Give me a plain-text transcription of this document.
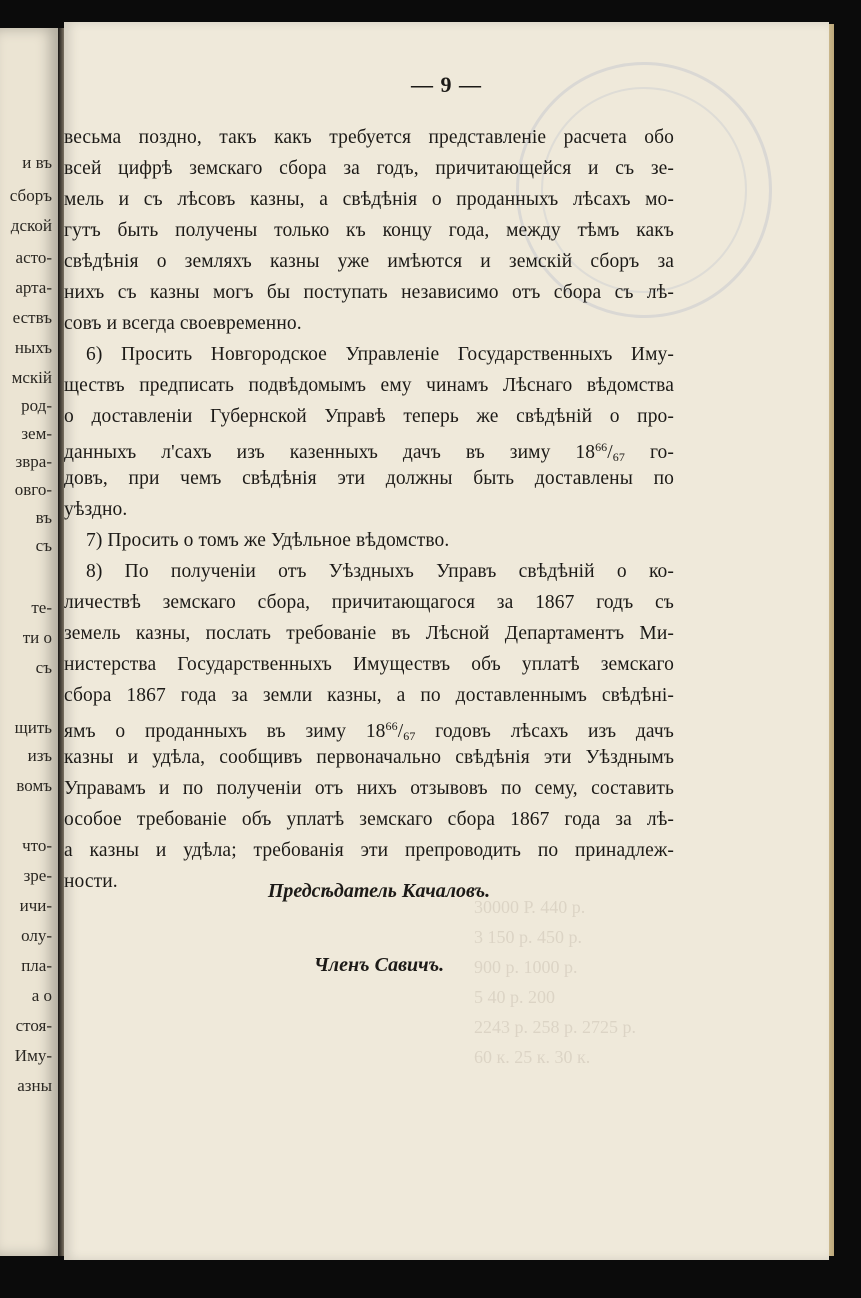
и въ
сборъ
дской
асто-
арта-
ествъ
ныхъ
мскій
род-
зем-
звра-
овго-
въ
съ
те-
ти о
съ
щить
изъ
вомъ
что-
зре-
ичи-
олу-
пла-
а о
стоя-
Иму-
азны
30000 Р. 440 р.
3 150 р. 450 р.
900 р. 1000 р.
5 40 р. 200
2243 р. 258 р. 2725 р.
60 к. 25 к. 30 к.
— 9 —
весьма поздно, такъ какъ требуется представленіе расчета обо
всей цифрѣ земскаго сбора за годъ, причитающейся и съ зе-
мель и съ лѣсовъ казны, а свѣдѣнія о проданныхъ лѣсахъ мо-
гутъ быть получены только къ концу года, между тѣмъ какъ
свѣдѣнія о земляхъ казны уже имѣются и земскій сборъ за
нихъ съ казны могъ бы поступать независимо отъ сбора съ лѣ-
совъ и всегда своевременно.
6) Просить Новгородское Управленіе Государственныхъ Иму-
ществъ предписать подвѣдомымъ ему чинамъ Лѣснаго вѣдомства
о доставленіи Губернской Управѣ теперь же свѣдѣній о про-
данныхъ л'сахъ изъ казенныхъ дачъ въ зиму $18^{66}/_{67}$ го-
довъ, при чемъ свѣдѣнія эти должны быть доставлены по
уѣздно.
7) Просить о томъ же Удѣльное вѣдомство.
8) По полученіи отъ Уѣздныхъ Управъ свѣдѣній о ко-
личествѣ земскаго сбора, причитающагося за 1867 годъ съ
земель казны, послать требованіе въ Лѣсной Департаментъ Ми-
нистерства Государственныхъ Имуществъ объ уплатѣ земскаго
сбора 1867 года за земли казны, а по доставленнымъ свѣдѣні-
ямъ о проданныхъ въ зиму $18^{66}/_{67}$ годовъ лѣсахъ изъ дачъ
казны и удѣла, сообщивъ первоначально свѣдѣнія эти Уѣзднымъ
Управамъ и по полученіи отъ нихъ отзывовъ по сему, составить
особое требованіе объ уплатѣ земскаго сбора 1867 года за лѣ-
а казны и удѣла; требованія эти препроводить по принадлеж-
ности.	Предсѣдатель Качаловъ.
Членъ Савичъ.
